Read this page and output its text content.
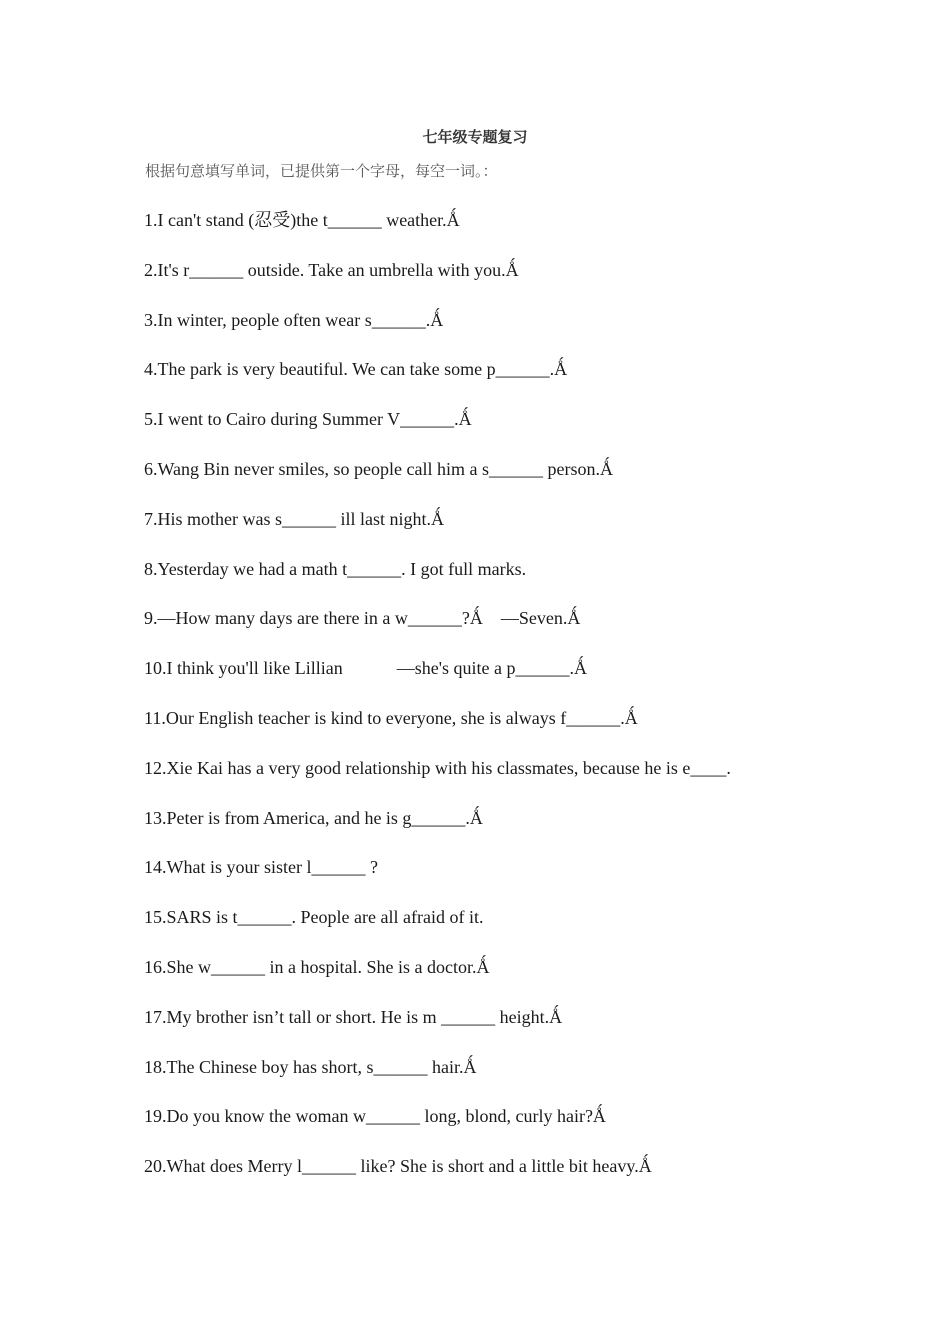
七年级专题复习
根据句意填写单词，已提供第一个字母，每空一词。：
1.I can't stand (忍受)the t______ weather.Ǻ
2.It's r______ outside. Take an umbrella with you.Ǻ
3.In winter, people often wear s______.Ǻ
4.The park is very beautiful. We can take some p______.Ǻ
5.I went to Cairo during Summer V______.Ǻ
6.Wang Bin never smiles, so people call him a s______ person.Ǻ
7.His mother was s______ ill last night.Ǻ
8.Yesterday we had a math t______. I got full marks.
9.—How many days are there in a w______?Ǻ    —Seven.Ǻ
10.I think you'll like Lillian            —she's quite a p______.Ǻ
11.Our English teacher is kind to everyone, she is always f______.Ǻ
12.Xie Kai has a very good relationship with his classmates, because he is e____.
13.Peter is from America, and he is g______.Ǻ
14.What is your sister l______ ?
15.SARS is t______. People are all afraid of it.
16.She w______ in a hospital. She is a doctor.Ǻ
17.My brother isn’t tall or short. He is m ______ height.Ǻ
18.The Chinese boy has short, s______ hair.Ǻ
19.Do you know the woman w______ long, blond, curly hair?Ǻ
20.What does Merry l______ like? She is short and a little bit heavy.Ǻ
